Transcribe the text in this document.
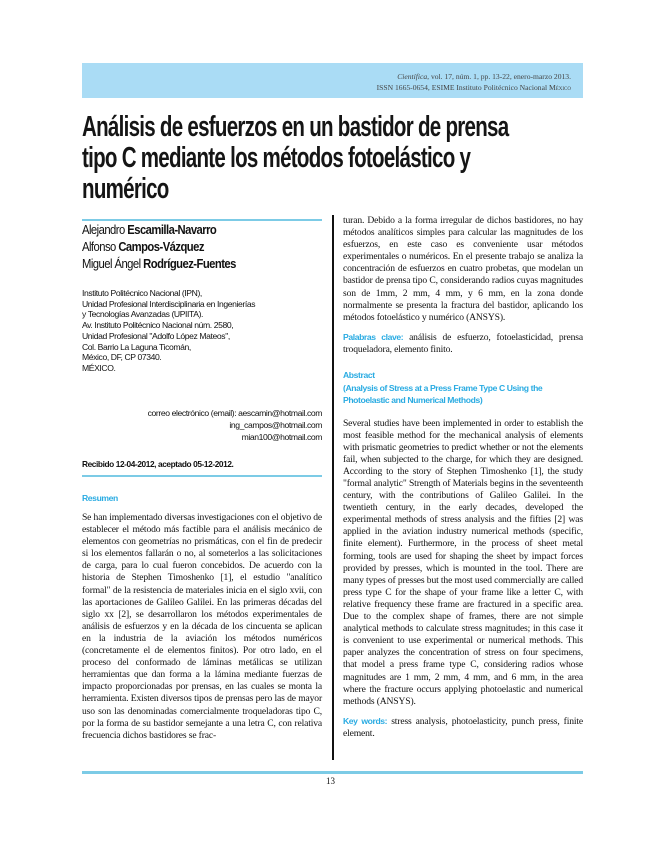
Científica, vol. 17, núm. 1, pp. 13-22, enero-marzo 2013.
ISSN 1665-0654, ESIME Instituto Politécnico Nacional México
Análisis de esfuerzos en un bastidor de prensa tipo C mediante los métodos fotoelástico y numérico
Alejandro Escamilla-Navarro
Alfonso Campos-Vázquez
Miguel Ángel Rodríguez-Fuentes
Instituto Politécnico Nacional (IPN),
Unidad Profesional Interdisciplinaria en Ingenierías
y Tecnologías Avanzadas (UPIITA).
Av. Instituto Politécnico Nacional núm. 2580,
Unidad Profesional "Adolfo López Mateos",
Col. Barrio La Laguna Ticomán,
México, DF, CP 07340.
MÉXICO.
correo electrónico (email): aescamin@hotmail.com
ing_campos@hotmail.com
mian100@hotmail.com
Recibido 12-04-2012, aceptado 05-12-2012.
Resumen
Se han implementado diversas investigaciones con el objetivo de establecer el método más factible para el análisis mecánico de elementos con geometrías no prismáticas, con el fin de predecir si los elementos fallarán o no, al someterlos a las solicitaciones de carga, para lo cual fueron concebidos. De acuerdo con la historia de Stephen Timoshenko [1], el estudio "analítico formal" de la resistencia de materiales inicia en el siglo xvii, con las aportaciones de Galileo Galilei. En las primeras décadas del siglo xx [2], se desarrollaron los métodos experimentales de análisis de esfuerzos y en la década de los cincuenta se aplican en la industria de la aviación los métodos numéricos (concretamente el de elementos finitos). Por otro lado, en el proceso del conformado de láminas metálicas se utilizan herramientas que dan forma a la lámina mediante fuerzas de impacto proporcionadas por prensas, en las cuales se monta la herramienta. Existen diversos tipos de prensas pero las de mayor uso son las denominadas comercialmente troqueladoras tipo C, por la forma de su bastidor semejante a una letra C, con relativa frecuencia dichos bastidores se frac-

turan. Debido a la forma irregular de dichos bastidores, no hay métodos analíticos simples para calcular las magnitudes de los esfuerzos, en este caso es conveniente usar métodos experimentales o numéricos. En el presente trabajo se analiza la concentración de esfuerzos en cuatro probetas, que modelan un bastidor de prensa tipo C, considerando radios cuyas magnitudes son de 1mm, 2 mm, 4 mm, y 6 mm, en la zona donde normalmente se presenta la fractura del bastidor, aplicando los métodos fotoelástico y numérico (ANSYS).

Palabras clave: análisis de esfuerzo, fotoelasticidad, prensa troqueladora, elemento finito.

Abstract
(Analysis of Stress at a Press Frame Type C Using the Photoelastic and Numerical Methods)

Several studies have been implemented in order to establish the most feasible method for the mechanical analysis of elements with prismatic geometries to predict whether or not the elements fail, when subjected to the charge, for which they are designed. According to the story of Stephen Timoshenko [1], the study "formal analytic" Strength of Materials begins in the seventeenth century, with the contributions of Galileo Galilei. In the twentieth century, in the early decades, developed the experimental methods of stress analysis and the fifties [2] was applied in the aviation industry numerical methods (specific, finite element). Furthermore, in the process of sheet metal forming, tools are used for shaping the sheet by impact forces provided by presses, which is mounted in the tool. There are many types of presses but the most used commercially are called press type C for the shape of your frame like a letter C, with relative frequency these frame are fractured in a specific area. Due to the complex shape of frames, there are not simple analytical methods to calculate stress magnitudes; in this case it is convenient to use experimental or numerical methods. This paper analyzes the concentration of stress on four specimens, that model a press frame type C, considering radios whose magnitudes are 1 mm, 2 mm, 4 mm, and 6 mm, in the area where the fracture occurs applying photoelastic and numerical methods (ANSYS).

Key words: stress analysis, photoelasticity, punch press, finite element.

13
